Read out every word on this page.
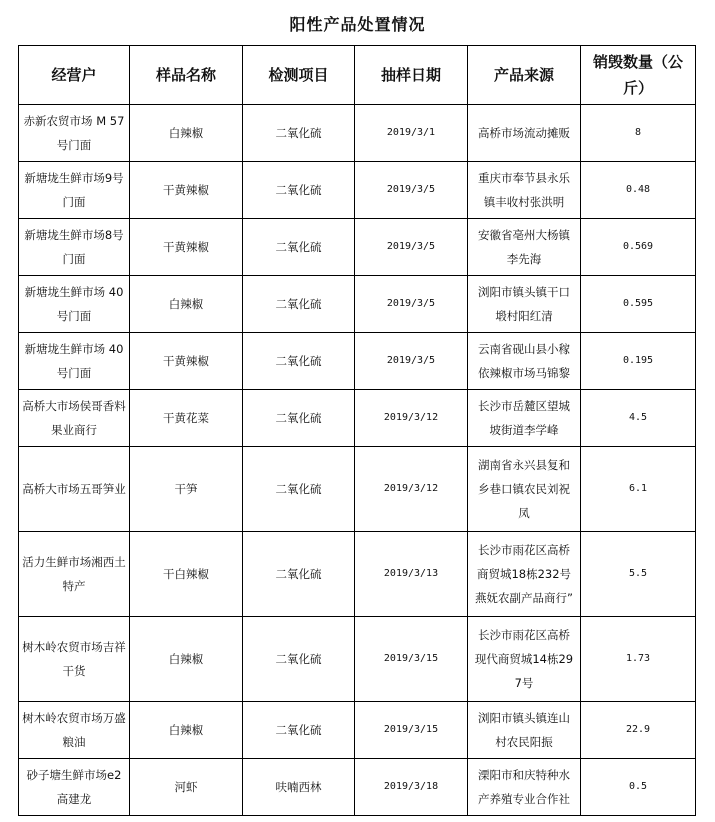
阳性产品处置情况
经营户	样品名称	检测项目	抽样日期	产品来源	销毁数量（公斤）
赤新农贸市场 M 57号门面	白辣椒	二氧化硫	2019/3/1	高桥市场流动摊贩	8
新塘垅生鲜市场9号门面	干黄辣椒	二氧化硫	2019/3/5	重庆市奉节县永乐镇丰收村张洪明	0.48
新塘垅生鲜市场8号门面	干黄辣椒	二氧化硫	2019/3/5	安徽省亳州大杨镇李先海	0.569
新塘垅生鲜市场 40号门面	白辣椒	二氧化硫	2019/3/5	浏阳市镇头镇干口塅村阳红清	0.595
新塘垅生鲜市场 40号门面	干黄辣椒	二氧化硫	2019/3/5	云南省砚山县小稼依辣椒市场马锦黎	0.195
高桥大市场侯哥香料果业商行	干黄花菜	二氧化硫	2019/3/12	长沙市岳麓区望城坡街道李学峰	4.5
高桥大市场五哥笋业	干笋	二氧化硫	2019/3/12	湖南省永兴县复和乡巷口镇农民刘祝凤	6.1
活力生鲜市场湘西土特产	干白辣椒	二氧化硫	2019/3/13	长沙市雨花区高桥商贸城18栋232号燕妩农副产品商行”	5.5
树木岭农贸市场吉祥干货	白辣椒	二氧化硫	2019/3/15	长沙市雨花区高桥现代商贸城14栋297号	1.73
树木岭农贸市场万盛粮油	白辣椒	二氧化硫	2019/3/15	浏阳市镇头镇连山村农民阳振	22.9
砂子塘生鲜市场e2高建龙	河虾	呋喃西林	2019/3/18	溧阳市和庆特种水产养殖专业合作社	0.5
